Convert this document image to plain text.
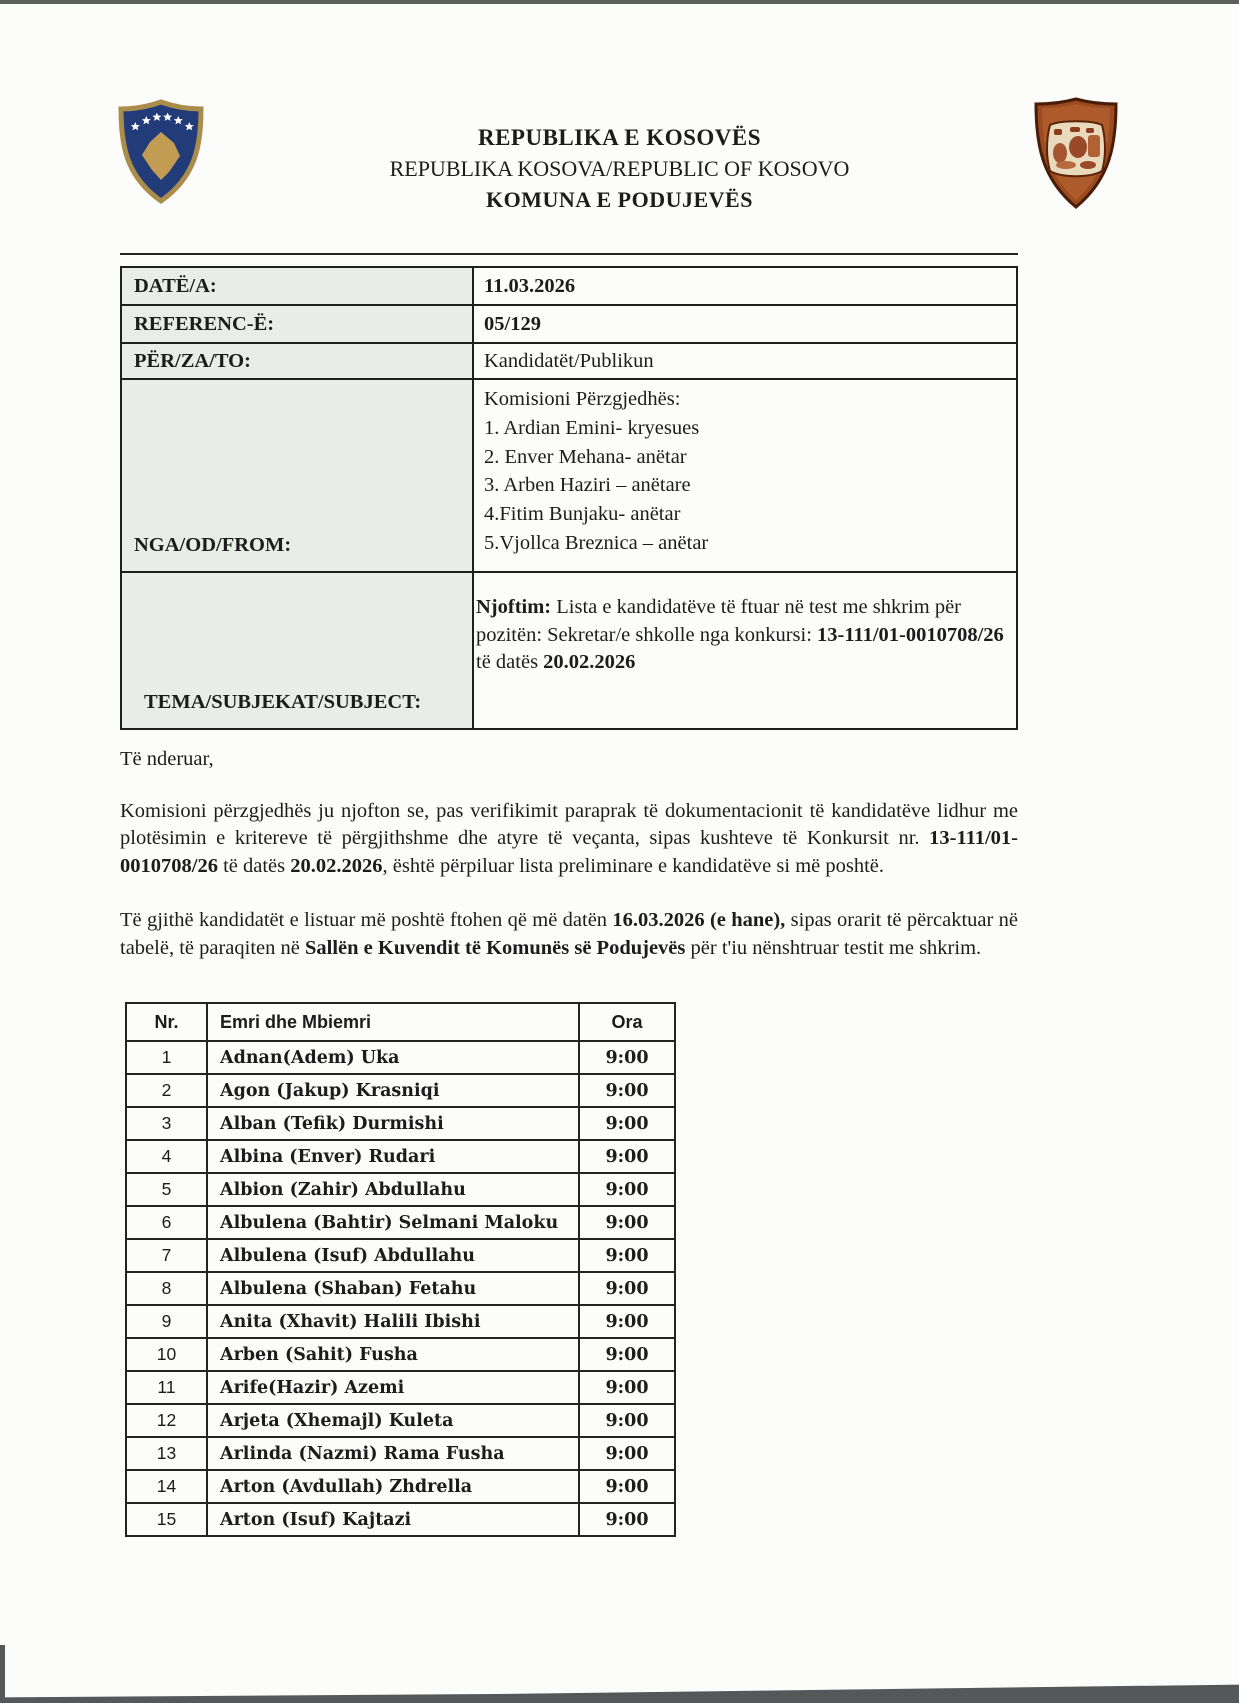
REPUBLIKA E KOSOVËS
REPUBLIKA KOSOVA/REPUBLIC OF KOSOVO
KOMUNA E PODUJEVËS
DATË/A:	11.03.2026
REFERENC-Ë:	05/129
PËR/ZA/TO:	Kandidatët/Publikun
NGA/OD/FROM:	
Komisioni Përzgjedhës:
1. Ardian Emini- kryesues
2. Enver Mehana- anëtar
3. Arben Haziri – anëtare
4.Fitim Bunjaku- anëtar
5.Vjollca Breznica – anëtar

TEMA/SUBJEKAT/SUBJECT:	Njoftim: Lista e kandidatëve të ftuar në test me shkrim për pozitën: Sekretar/e shkolle nga konkursi: 13-111/01-0010708/26 të datës 20.02.2026

Të nderuar,

Komisioni përzgjedhës ju njofton se, pas verifikimit paraprak të dokumentacionit të kandidatëve lidhur me plotësimin e kritereve të përgjithshme dhe atyre të veçanta, sipas kushteve të Konkursit nr. 13-111/01-0010708/26 të datës 20.02.2026, është përpiluar lista preliminare e kandidatëve si më poshtë.

Të gjithë kandidatët e listuar më poshtë ftohen që më datën 16.03.2026 (e hane), sipas orarit të përcaktuar në tabelë, të paraqiten në Sallën e Kuvendit të Komunës së Podujevës për t'iu nënshtruar testit me shkrim.

Nr.	Emri dhe Mbiemri	Ora
1	Adnan(Adem) Uka	9:00
2	Agon (Jakup) Krasniqi	9:00
3	Alban (Tefik) Durmishi	9:00
4	Albina (Enver) Rudari	9:00
5	Albion (Zahir) Abdullahu	9:00
6	Albulena (Bahtir) Selmani Maloku	9:00
7	Albulena (Isuf) Abdullahu	9:00
8	Albulena (Shaban) Fetahu	9:00
9	Anita (Xhavit) Halili Ibishi	9:00
10	Arben (Sahit) Fusha	9:00
11	Arife(Hazir) Azemi	9:00
12	Arjeta (Xhemajl) Kuleta	9:00
13	Arlinda (Nazmi) Rama Fusha	9:00
14	Arton (Avdullah) Zhdrella	9:00
15	Arton (Isuf) Kajtazi	9:00
